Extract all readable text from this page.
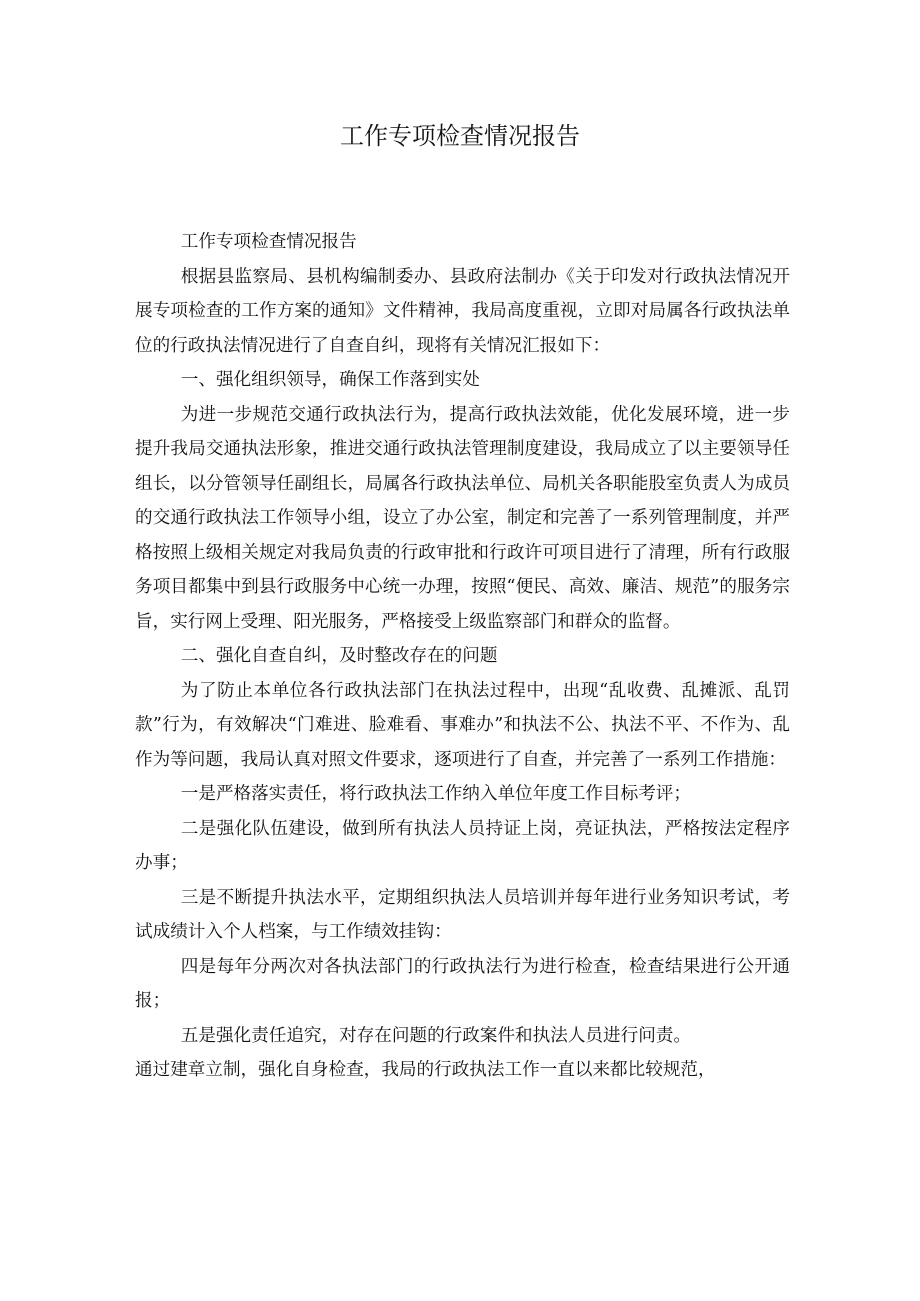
工作专项检查情况报告

工作专项检查情况报告

根据县监察局、县机构编制委办、县政府法制办《关于印发对行政执法情况开展专项检查的工作方案的通知》文件精神，我局高度重视，立即对局属各行政执法单位的行政执法情况进行了自查自纠，现将有关情况汇报如下：

一、强化组织领导，确保工作落到实处

为进一步规范交通行政执法行为，提高行政执法效能，优化发展环境，进一步提升我局交通执法形象，推进交通行政执法管理制度建设，我局成立了以主要领导任组长，以分管领导任副组长，局属各行政执法单位、局机关各职能股室负责人为成员的交通行政执法工作领导小组，设立了办公室，制定和完善了一系列管理制度，并严格按照上级相关规定对我局负责的行政审批和行政许可项目进行了清理，所有行政服务项目都集中到县行政服务中心统一办理，按照“便民、高效、廉洁、规范”的服务宗旨，实行网上受理、阳光服务，严格接受上级监察部门和群众的监督。

二、强化自查自纠，及时整改存在的问题

为了防止本单位各行政执法部门在执法过程中，出现“乱收费、乱摊派、乱罚款”行为，有效解决“门难进、脸难看、事难办”和执法不公、执法不平、不作为、乱作为等问题，我局认真对照文件要求，逐项进行了自查，并完善了一系列工作措施：

一是严格落实责任，将行政执法工作纳入单位年度工作目标考评；

二是强化队伍建设，做到所有执法人员持证上岗，亮证执法，严格按法定程序办事；

三是不断提升执法水平，定期组织执法人员培训并每年进行业务知识考试，考试成绩计入个人档案，与工作绩效挂钩：

四是每年分两次对各执法部门的行政执法行为进行检查，检查结果进行公开通报；

五是强化责任追究，对存在问题的行政案件和执法人员进行问责。

通过建章立制，强化自身检查，我局的行政执法工作一直以来都比较规范，
